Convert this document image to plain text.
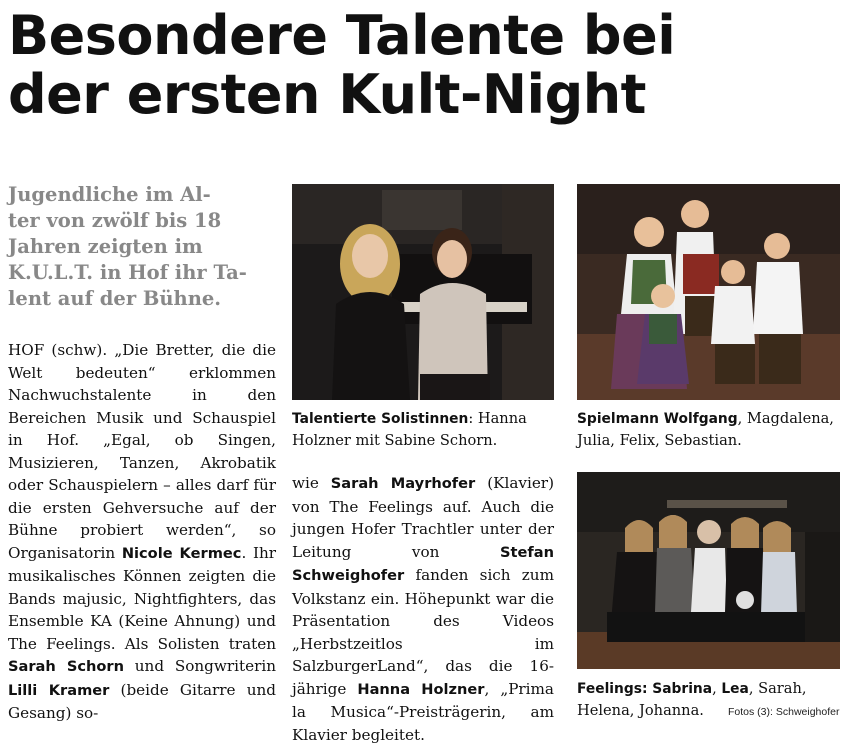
Besondere Talente bei
der ersten Kult-Night
Jugendliche im Al-
ter von zwölf bis 18
Jahren zeigten im
K.U.L.T. in Hof ihr Ta-
lent auf der Bühne.

HOF (schw). „Die Bretter, die die Welt bedeuten“ erklommen Nachwuchstalente in den Bereichen Musik und Schauspiel in Hof. „Egal, ob Singen, Musizieren, Tanzen, Akrobatik oder Schauspielern – alles darf für die ersten Gehversuche auf der Bühne probiert werden“, so Organisatorin Nicole Kermec. Ihr musikalisches Können zeigten die Bands majusic, Nightfighters, das Ensemble KA (Keine Ahnung) und The Feelings. Als Solisten traten Sarah Schorn und Songwriterin Lilli Kramer (beide Gitarre und Gesang) so-

Talentierte Solistinnen: Hanna Holzner mit Sabine Schorn.

wie Sarah Mayrhofer (Klavier) von The Feelings auf. Auch die jungen Hofer Trachtler unter der Leitung von Stefan Schweighofer fanden sich zum Volkstanz ein. Höhepunkt war die Präsentation des Videos „Herbstzeitlos im SalzburgerLand“, das die 16-jährige Hanna Holzner, „Prima la Musica“-Preisträgerin, am Klavier begleitet.

Spielmann Wolfgang, Magdalena, Julia, Felix, Sebastian.
Feelings: Sabrina, Lea, Sarah, Helena, Johanna.	Fotos (3): Schweighofer
